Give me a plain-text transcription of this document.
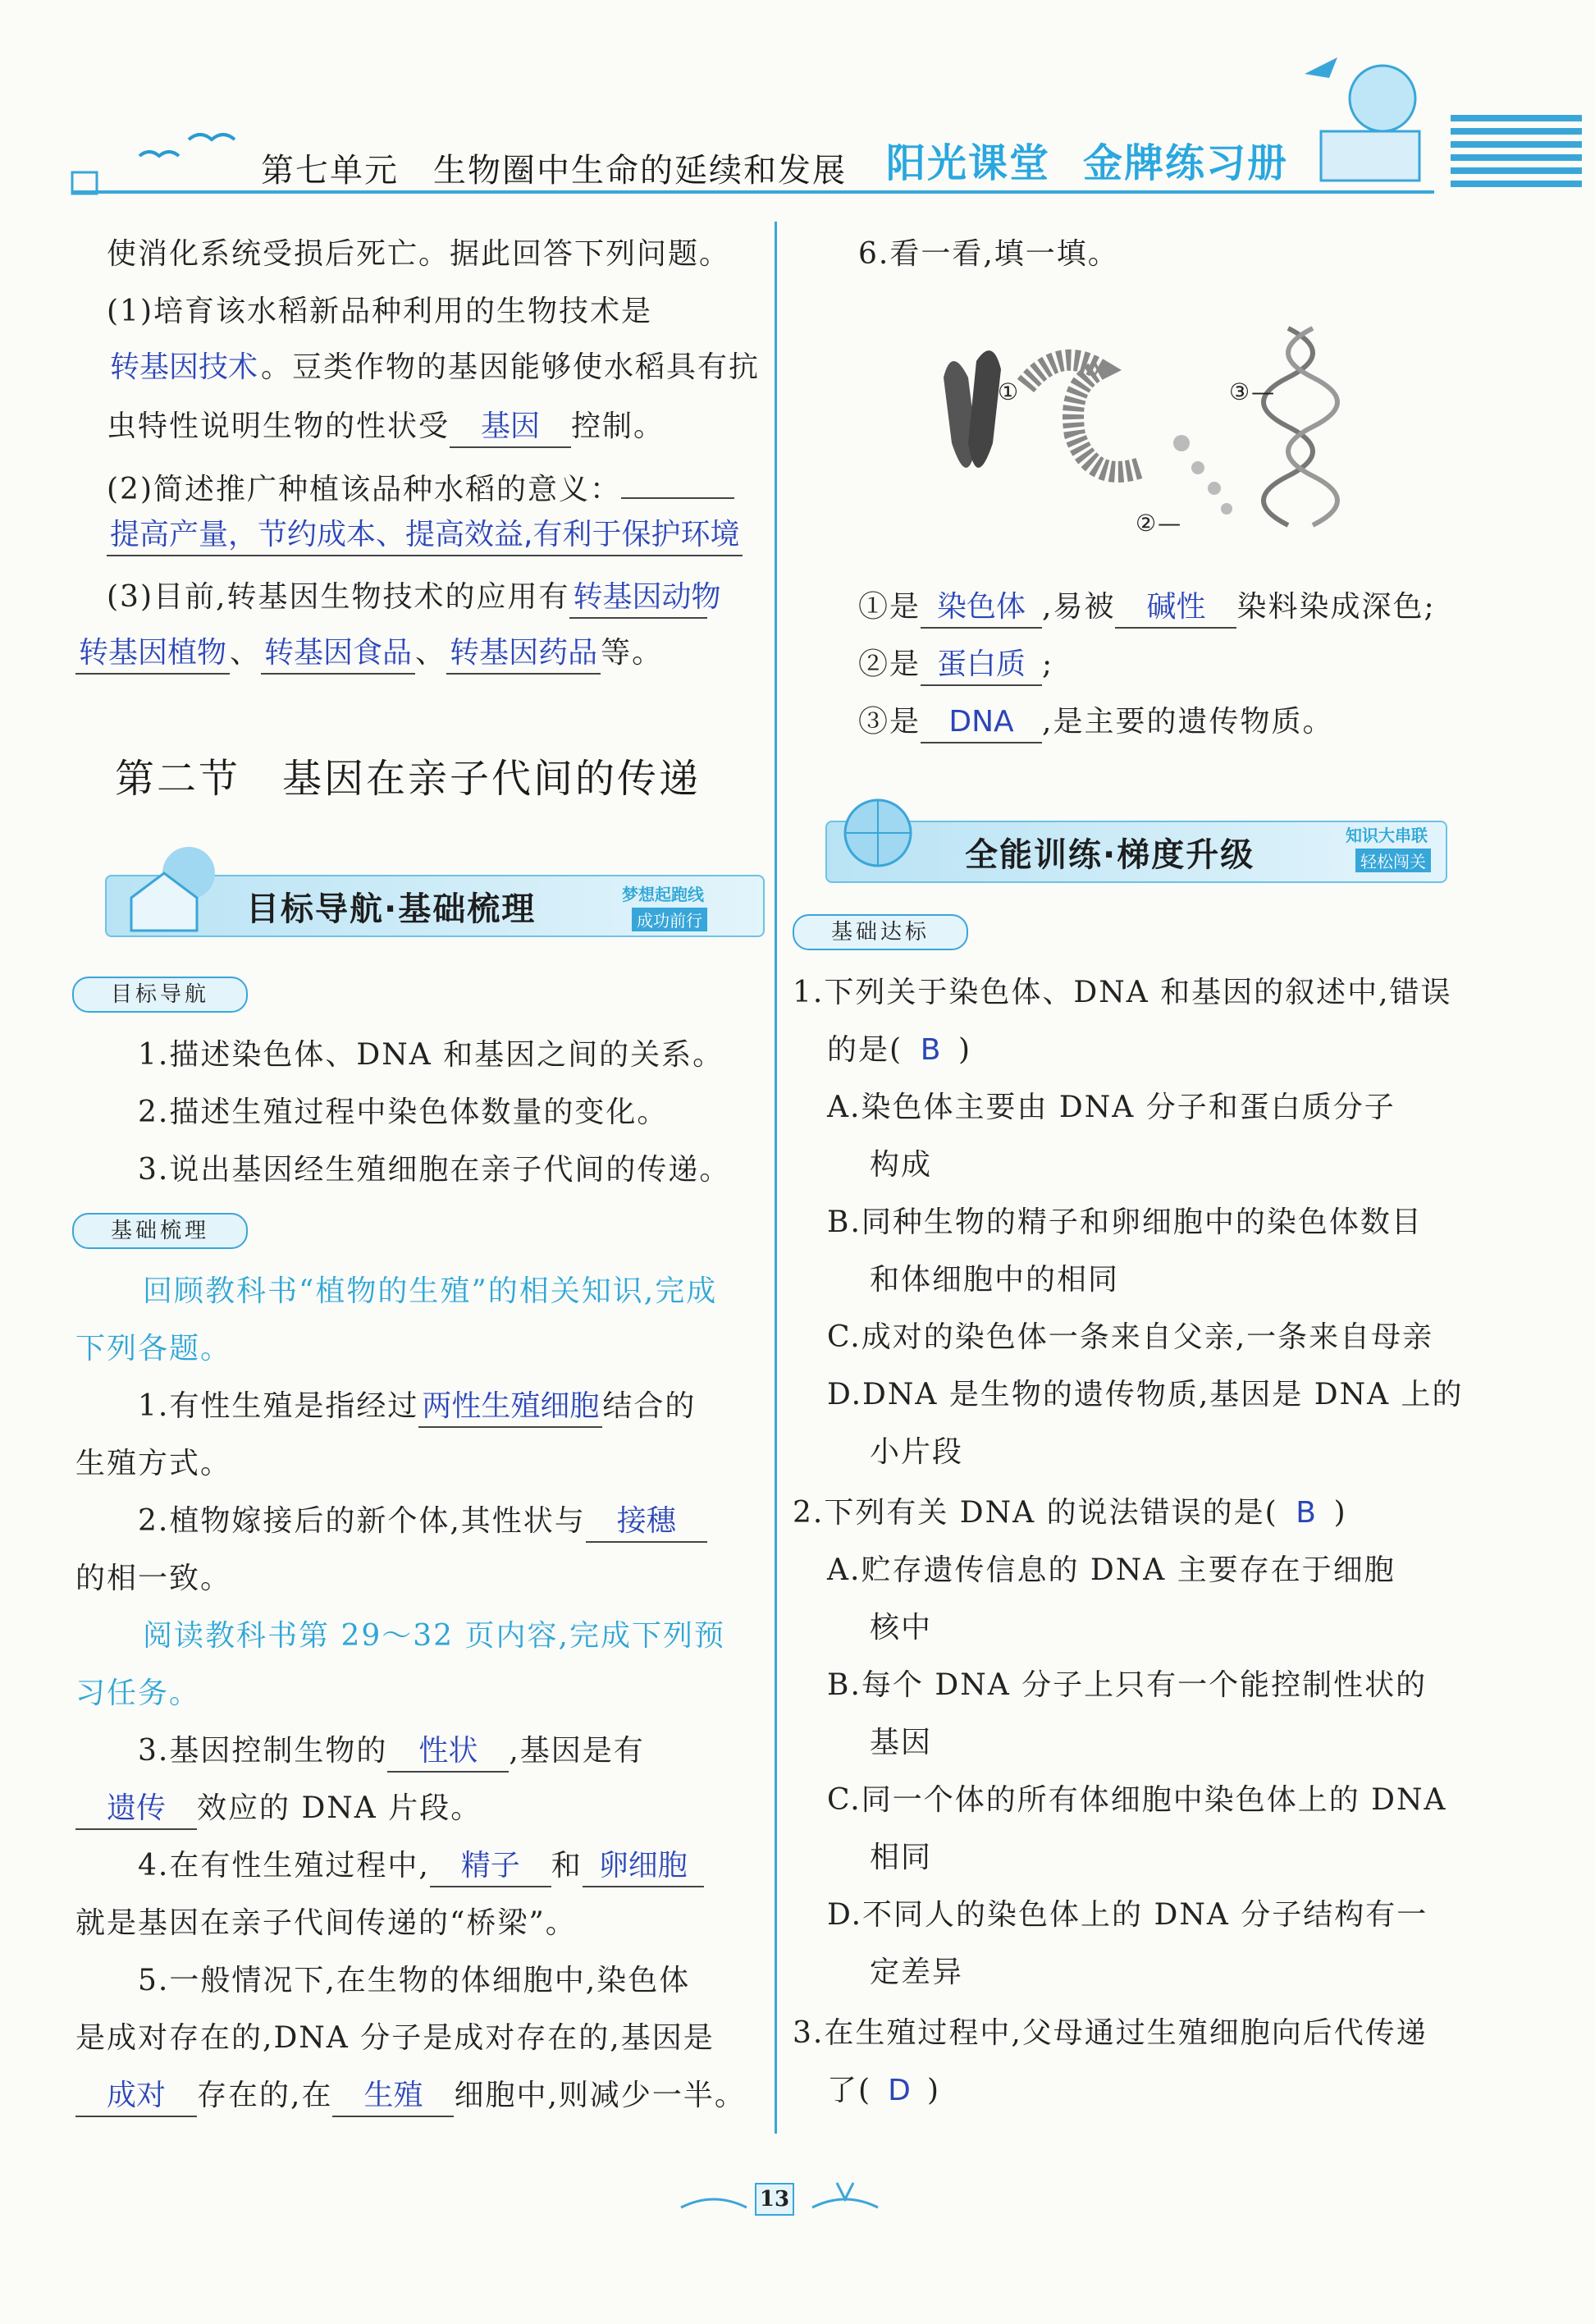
第七单元　生物圈中生命的延续和发展 阳光课堂 金牌练习册
使消化系统受损后死亡。据此回答下列问题。
(1)培育该水稻新品种利用的生物技术是
转基因技术 。豆类作物的基因能够使水稻具有抗
虫特性说明生物的性状受 基因 控制。
(2)简述推广种植该品种水稻的意义：
提高产量，节约成本、提高效益,有利于保护环境
(3)目前,转基因生物技术的应用有 转基因动物
转基因植物 、 转基因食品 、 转基因药品 等。
第二节　基因在亲子代间的传递
目标导航·基础梳理	梦想起跑线
成功前行
目标导航
1.描述染色体、DNA 和基因之间的关系。
2.描述生殖过程中染色体数量的变化。
3.说出基因经生殖细胞在亲子代间的传递。
基础梳理
回顾教科书“植物的生殖”的相关知识,完成
下列各题。
1.有性生殖是指经过 两性生殖细胞 结合的
生殖方式。
2.植物嫁接后的新个体,其性状与 接穗
的相一致。
阅读教科书第 29～32 页内容,完成下列预
习任务。
3.基因控制生物的 性状 ,基因是有
遗传 效应的 DNA 片段。
4.在有性生殖过程中, 精子 和 卵细胞
就是基因在亲子代间传递的“桥梁”。
5.一般情况下,在生物的体细胞中,染色体
是成对存在的,DNA 分子是成对存在的,基因是
成对 存在的,在 生殖 细胞中,则减少一半。
6.看一看,填一填。
①
②—
③—
①是 染色体 ,易被 碱性 染料染成深色;
②是 蛋白质 ;
③是 DNA ,是主要的遗传物质。
全能训练·梯度升级
知识大串联
轻松闯关
基础达标
1.下列关于染色体、DNA 和基因的叙述中,错误
的是( B )
A.染色体主要由 DNA 分子和蛋白质分子
构成
B.同种生物的精子和卵细胞中的染色体数目
和体细胞中的相同
C.成对的染色体一条来自父亲,一条来自母亲
D.DNA 是生物的遗传物质,基因是 DNA 上的
小片段
2.下列有关 DNA 的说法错误的是( B )
A.贮存遗传信息的 DNA 主要存在于细胞
核中
B.每个 DNA 分子上只有一个能控制性状的
基因
C.同一个体的所有体细胞中染色体上的 DNA
相同
D.不同人的染色体上的 DNA 分子结构有一
定差异
3.在生殖过程中,父母通过生殖细胞向后代传递
了( D )
13
